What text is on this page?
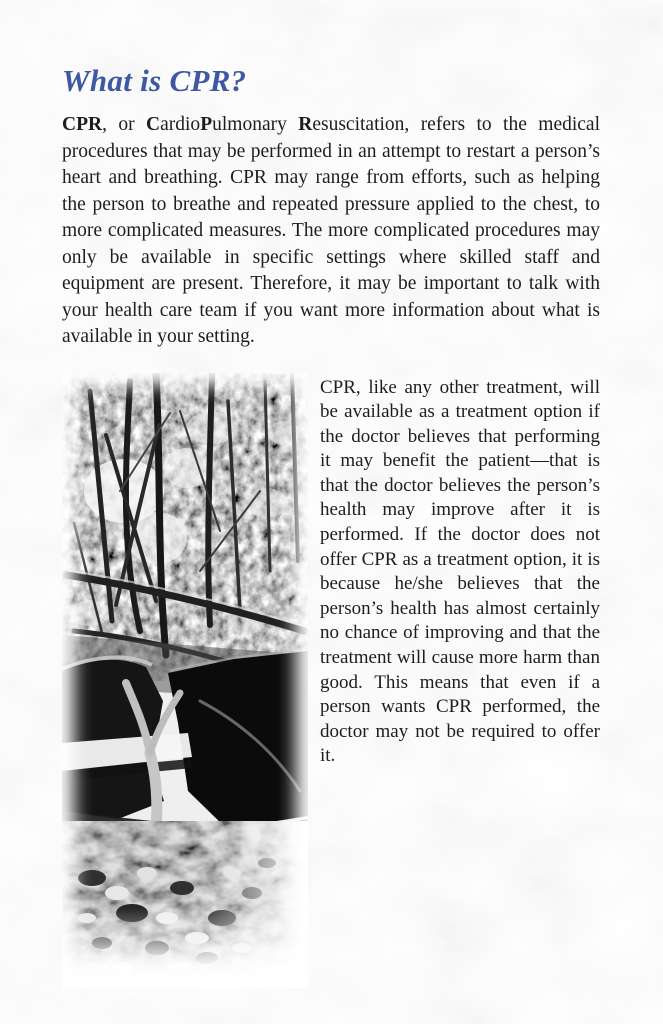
What is CPR?

CPR, or CardioPulmonary Resuscitation, refers to the medical procedures that may be performed in an attempt to restart a person’s heart and breathing. CPR may range from efforts, such as helping the person to breathe and repeated pressure applied to the chest, to more complicated measures. The more complicated procedures may only be available in specific settings where skilled staff and equipment are present. Therefore, it may be important to talk with your health care team if you want more information about what is available in your setting.

CPR, like any other treatment, will be available as a treatment option if the doctor believes that performing it may benefit the patient—that is that the doctor believes the person’s health may improve after it is performed. If the doctor does not offer CPR as a treatment option, it is because he/she believes that the person’s health has almost certainly no chance of improving and that the treatment will cause more harm than good. This means that even if a person wants CPR performed, the doctor may not be required to offer it.
